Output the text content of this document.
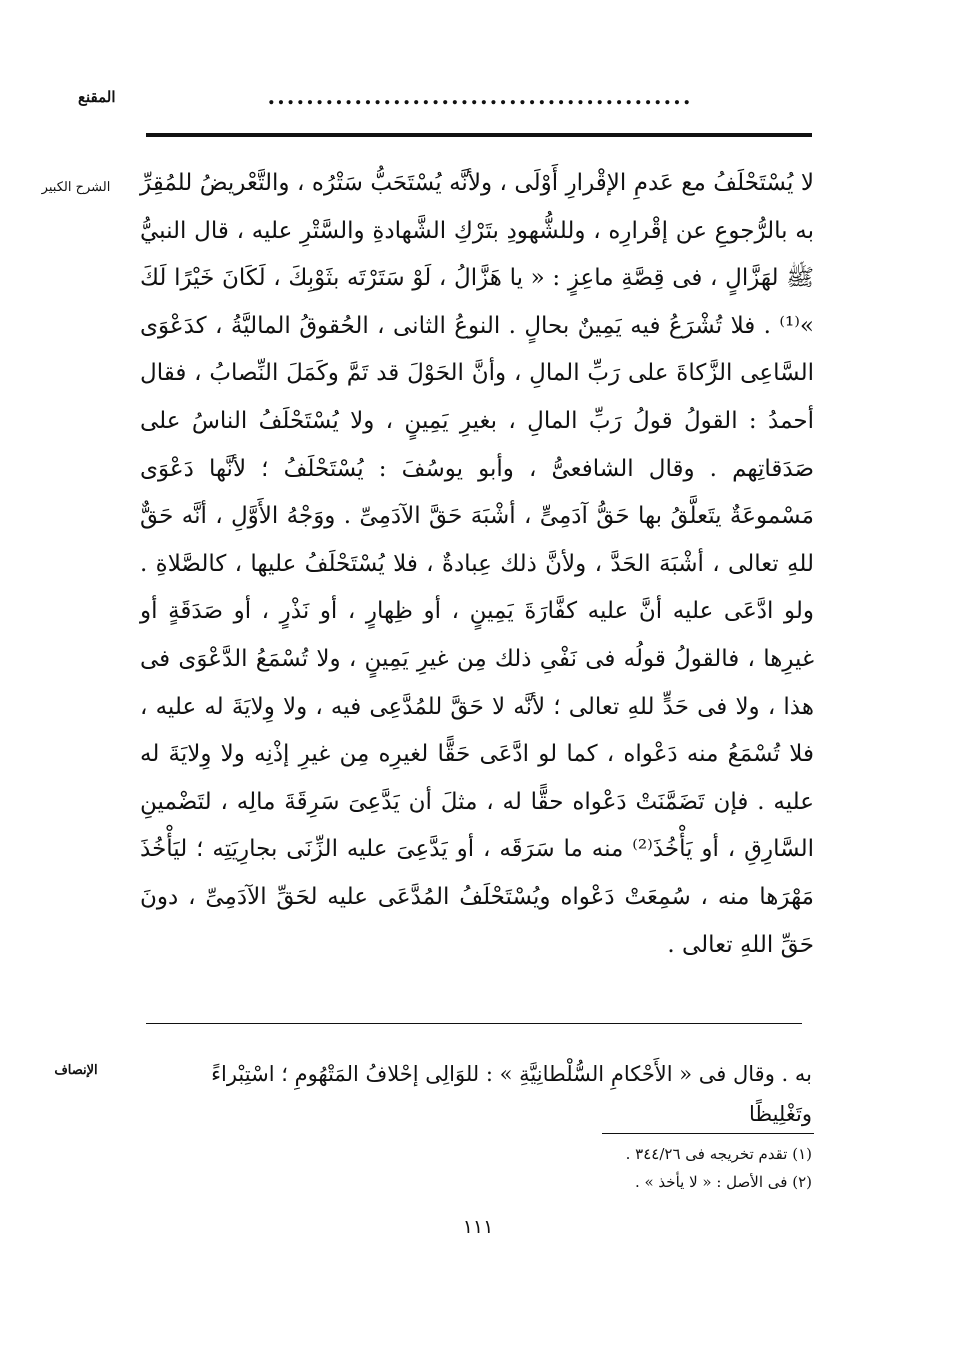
المقنع	............................................
الشرح الكبير	لا يُسْتَحْلَفُ مع عَدمِ الإقْرارِ أَوْلَى ، ولأنَّه يُسْتَحَبُّ سَتْرُه ، والتَّعْريضُ للمُقِرِّ به بالرُّجوعِ عن إقْرارِه ، وللشُّهودِ بتَرْكِ الشَّهادةِ والسَّتْرِ عليه ، قال النبيُّ ﷺ لهَزَّالٍ ، فى قِصَّةِ ماعِزٍ : « يا هَزَّالُ ، لَوْ سَتَرْتَه بثَوْبِكَ ، لَكَانَ خَيْرًا لَكَ »⁽¹⁾ . فلا تُشْرَعُ فيه يَمِينٌ بحالٍ . النوعُ الثانى ، الحُقوقُ الماليَّةُ ، كدَعْوَى السَّاعِى الزَّكاةَ على رَبِّ المالِ ، وأنَّ الحَوْلَ قد تَمَّ وكَمَلَ النِّصابُ ، فقال أحمدُ : القولُ قولُ رَبِّ المالِ ، بغيرِ يَمِينٍ ، ولا يُسْتَحْلَفُ الناسُ على صَدَقاتِهم . وقال الشافعىُّ ، وأبو يوسُفَ : يُسْتَحْلَفُ ؛ لأنَّها دَعْوَى مَسْموعَةٌ يتَعلَّقُ بها حَقُّ آدَمِىٍّ ، أشْبَهَ حَقَّ الآدَمِىِّ . ووَجْهُ الأَوَّلِ ، أنَّه حَقٌّ للهِ تعالى ، أشْبَهَ الحَدَّ ، ولأنَّ ذلك عِبادةٌ ، فلا يُسْتَحْلَفُ عليها ، كالصَّلاةِ . ولو ادَّعَى عليه أنَّ عليه كفَّارَةَ يَمِينٍ ، أو ظِهارٍ ، أو نَذْرٍ ، أو صَدَقَةٍ أو غيرِها ، فالقولُ قولُه فى نَفْىِ ذلك مِن غيرِ يَمِينٍ ، ولا تُسْمَعُ الدَّعْوَى فى هذا ، ولا فى حَدٍّ للهِ تعالى ؛ لأنَّه لا حَقَّ للمُدَّعِى فيه ، ولا وِلايَةَ له عليه ، فلا تُسْمَعُ منه دَعْواه ، كما لو ادَّعَى حَقًّا لغيرِه مِن غيرِ إذْنِه ولا وِلايَةَ له عليه . فإن تَضَمَّنَتْ دَعْواه حقًّا له ، مثلَ أن يَدَّعِىَ سَرِقَةَ مالِه ، لتَضْمينِ السَّارِقِ ، أو يَأْخُذَ⁽²⁾ منه ما سَرَقَه ، أو يَدَّعِىَ عليه الزِّنَى بجارِيَتِه ؛ ليَأْخُذَ مَهْرَها منه ، سُمِعَتْ دَعْواه ويُسْتَحْلَفُ المُدَّعَى عليه لحَقِّ الآدَمِىِّ ، دونَ حَقِّ اللهِ تعالى .

الإنصاف	به . وقال فى « الأَحْكامِ السُّلْطانِيَّةِ » : للوَالِى إحْلافُ المَتْهُومِ ؛ اسْتِبْراءً وتَغْلِيظًا

(١) تقدم تخريجه فى ٣٤٤/٢٦ .

(٢) فى الأصل : « لا يأخذ » .

١١١
